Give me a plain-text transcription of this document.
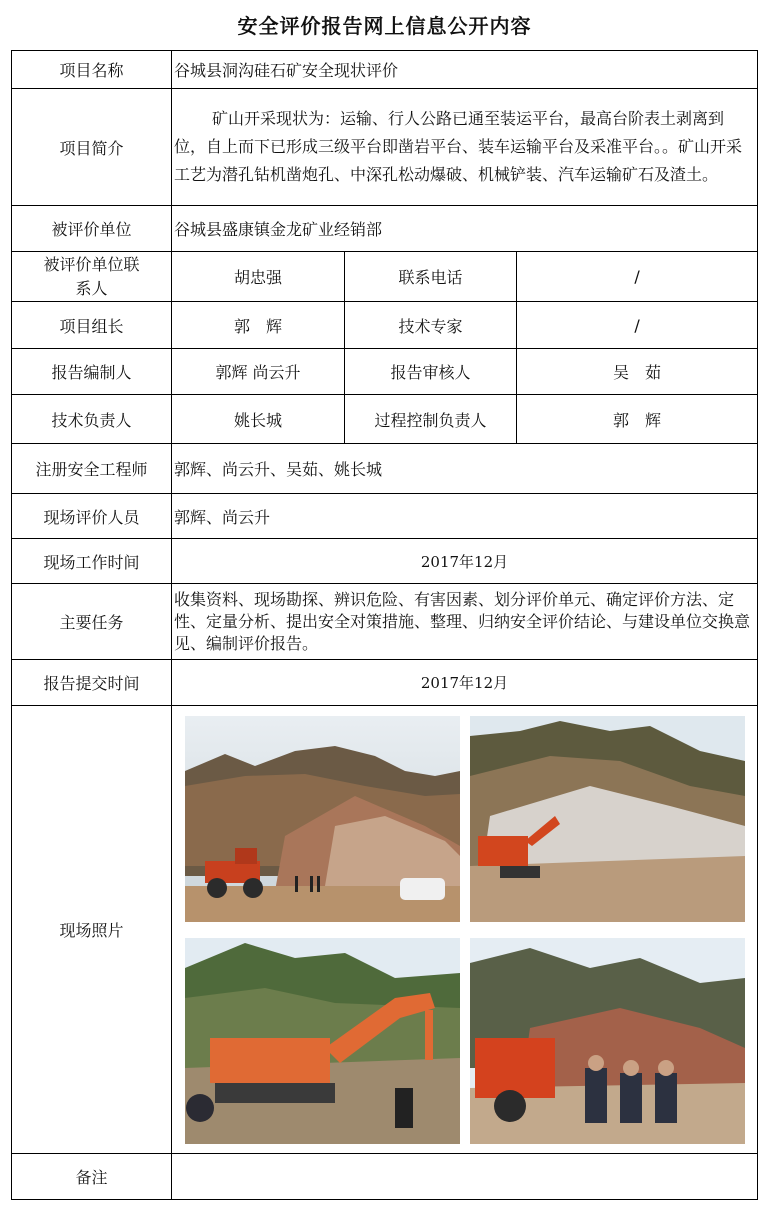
安全评价报告网上信息公开内容
项目名称	谷城县洞沟硅石矿安全现状评价		
项目简介	矿山开采现状为：运输、行人公路已通至装运平台，最高台阶表土剥离到位，自上而下已形成三级平台即凿岩平台、装车运输平台及采准平台。。矿山开采工艺为潜孔钻机凿炮孔、中深孔松动爆破、机械铲装、汽车运输矿石及渣土。		

被评价单位	谷城县盛康镇金龙矿业经销部		
被评价单位联系人	胡忠强	联系电话	/
项目组长	郭　辉	技术专家	/
报告编制人	郭辉 尚云升	报告审核人	吴　茹
技术负责人	姚长城	过程控制负责人	郭　辉
注册安全工程师	郭辉、尚云升、吴茹、姚长城		
现场评价人员	郭辉、尚云升		
现场工作时间	2017年12月		
主要任务	收集资料、现场勘探、辨识危险、有害因素、划分评价单元、确定评价方法、定性、定量分析、提出安全对策措施、整理、归纳安全评价结论、与建设单位交换意见、编制评价报告。		
报告提交时间	2017年12月		
现场照片	

备注			
